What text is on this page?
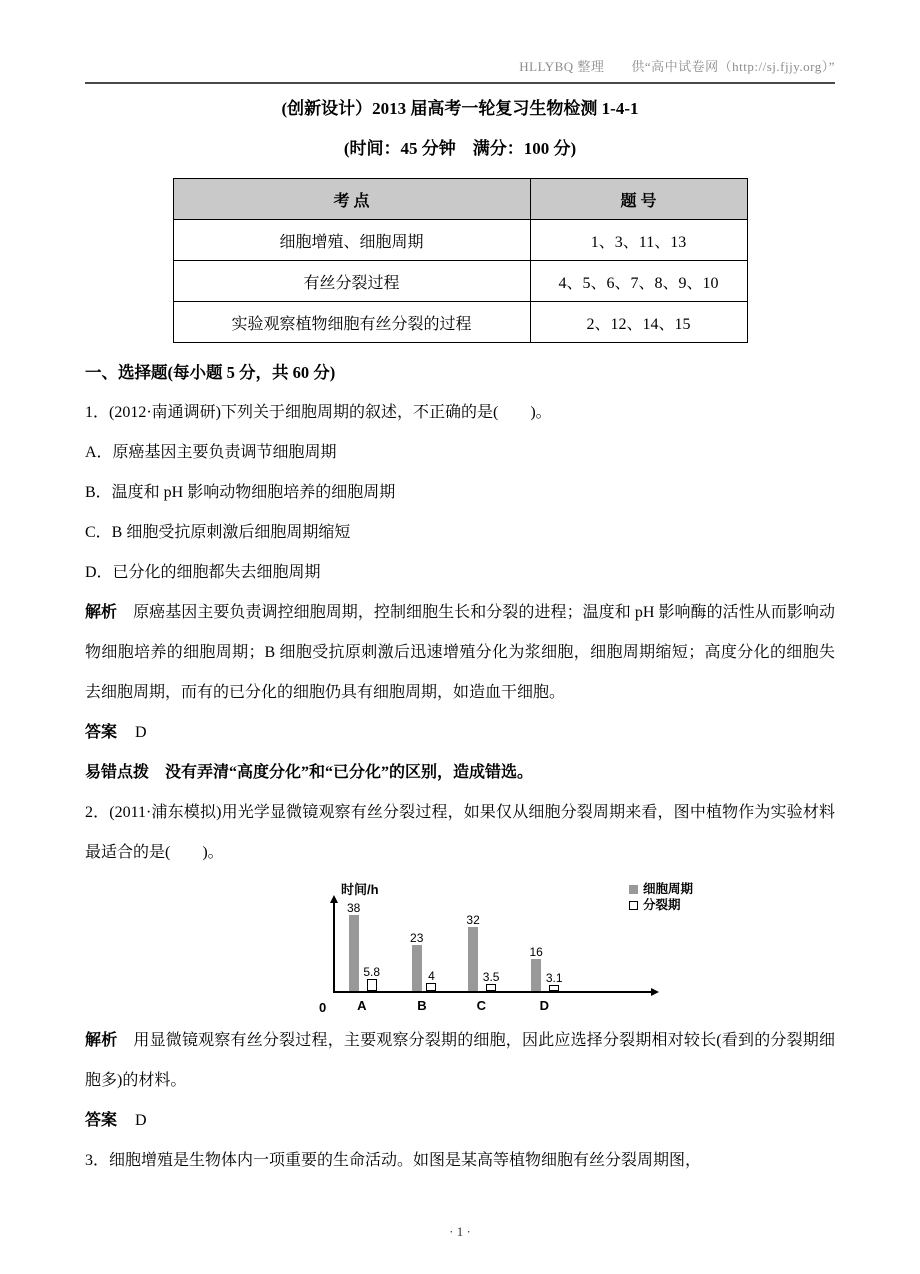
HLLYBQ 整理　　供“高中试卷网（http://sj.fjjy.org）”
(创新设计）2013 届高考一轮复习生物检测 1-4-1
(时间：45 分钟　满分：100 分)
考 点	题 号
细胞增殖、细胞周期	1、3、11、13
有丝分裂过程	4、5、6、7、8、9、10
实验观察植物细胞有丝分裂的过程	2、12、14、15
一、选择题(每小题 5 分，共 60 分)

1．(2012·南通调研)下列关于细胞周期的叙述，不正确的是(　　)。

A．原癌基因主要负责调节细胞周期

B．温度和 pH 影响动物细胞培养的细胞周期

C．B 细胞受抗原刺激后细胞周期缩短

D．已分化的细胞都失去细胞周期

解析 原癌基因主要负责调控细胞周期，控制细胞生长和分裂的进程；温度和 pH 影响酶的活性从而影响动物细胞培养的细胞周期；B 细胞受抗原刺激后迅速增殖分化为浆细胞，细胞周期缩短；高度分化的细胞失去细胞周期，而有的已分化的细胞仍具有细胞周期，如造血干细胞。

答案 D

易错点拨 没有弄清“高度分化”和“已分化”的区别，造成错选。

2．(2011·浦东模拟)用光学显微镜观察有丝分裂过程，如果仅从细胞分裂周期来看，图中植物作为实验材料最适合的是(　　)。

时间/h
0
38
5.8
A
23
4
B
32
3.5
C
16
3.1
D
细胞周期
分裂期

解析 用显微镜观察有丝分裂过程，主要观察分裂期的细胞，因此应选择分裂期相对较长(看到的分裂期细胞多)的材料。

答案 D

3．细胞增殖是生物体内一项重要的生命活动。如图是某高等植物细胞有丝分裂周期图，

· 1 ·
